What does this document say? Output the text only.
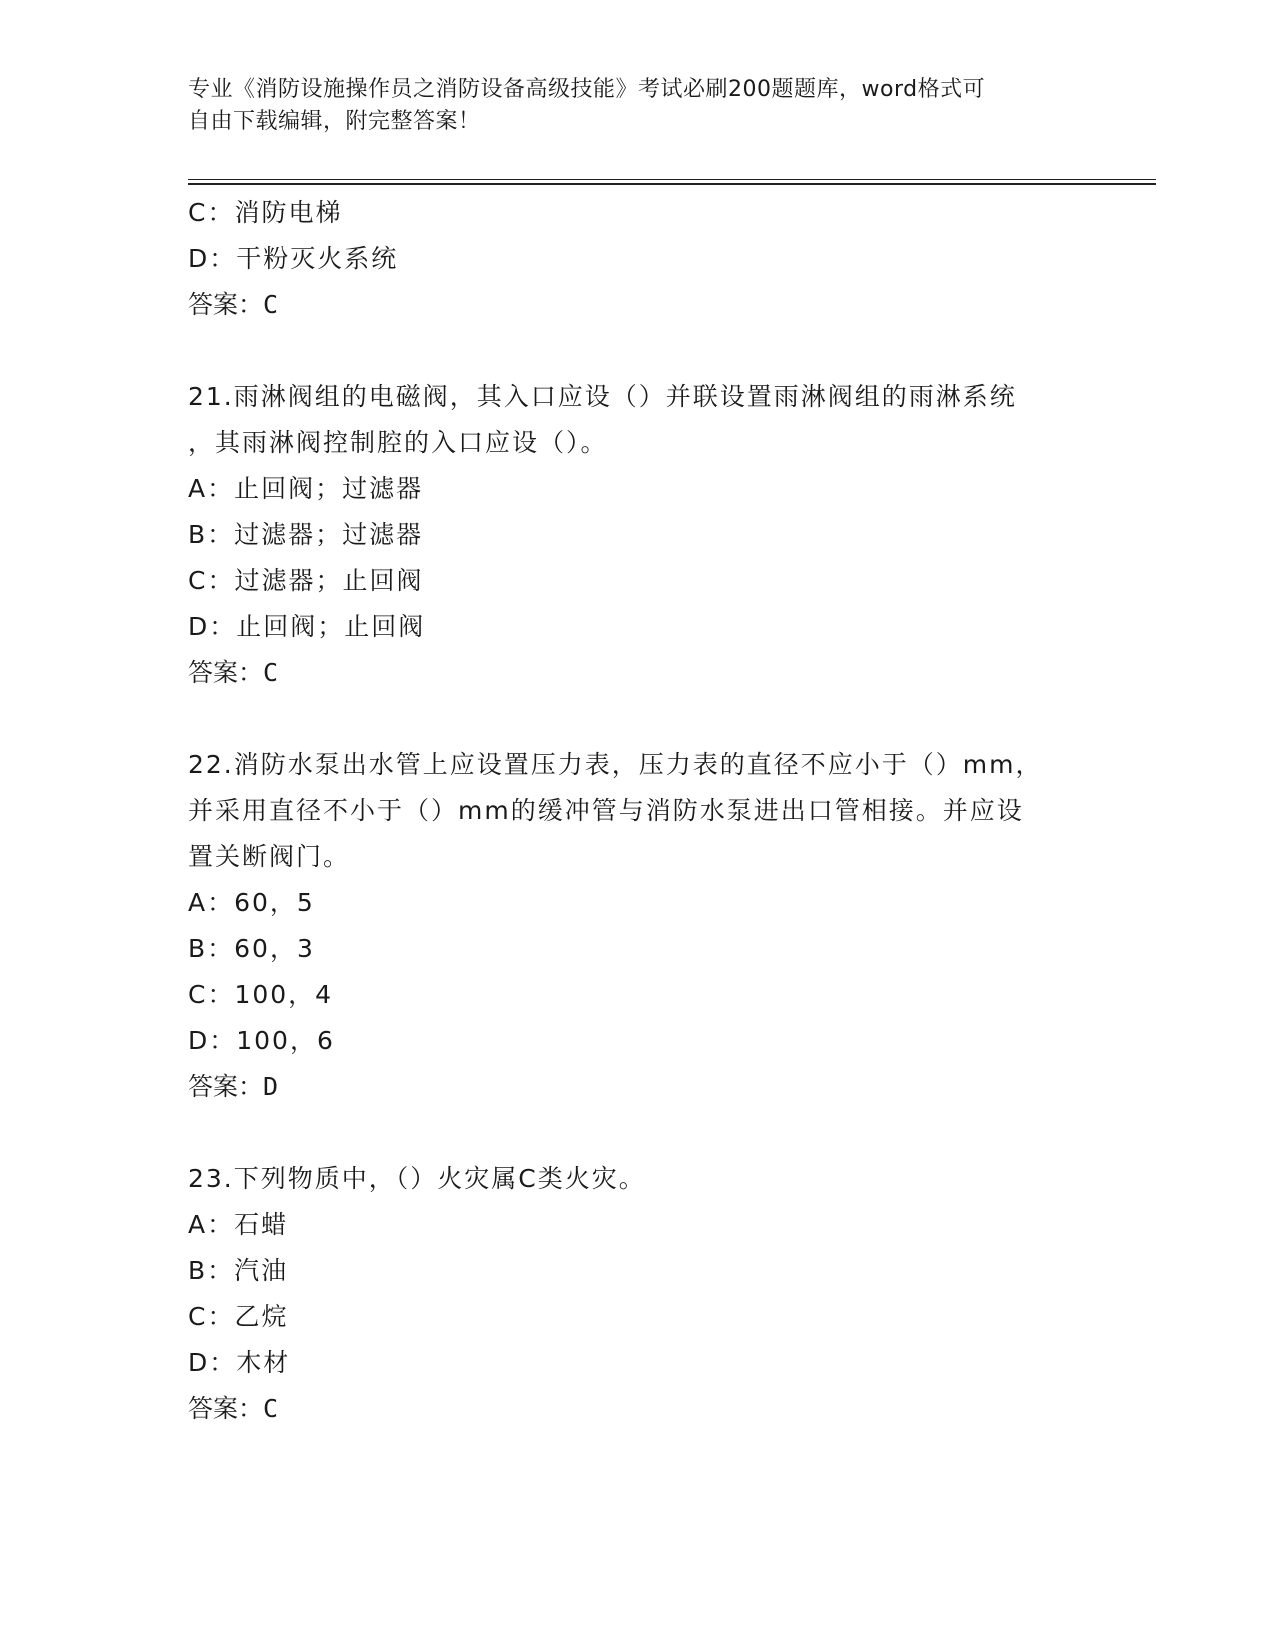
专业《消防设施操作员之消防设备高级技能》考试必刷200题题库，word格式可
自由下载编辑，附完整答案！
C：消防电梯
D：干粉灭火系统
答案：C
21.雨淋阀组的电磁阀，其入口应设（）并联设置雨淋阀组的雨淋系统
，其雨淋阀控制腔的入口应设（）。
A：止回阀；过滤器
B：过滤器；过滤器
C：过滤器；止回阀
D：止回阀；止回阀
答案：C
22.消防水泵出水管上应设置压力表，压力表的直径不应小于（）mm，
并采用直径不小于（）mm的缓冲管与消防水泵进出口管相接。并应设
置关断阀门。
A：60，5
B：60，3
C：100，4
D：100，6
答案：D
23.下列物质中，（）火灾属C类火灾。
A：石蜡
B：汽油
C：乙烷
D：木材
答案：C
